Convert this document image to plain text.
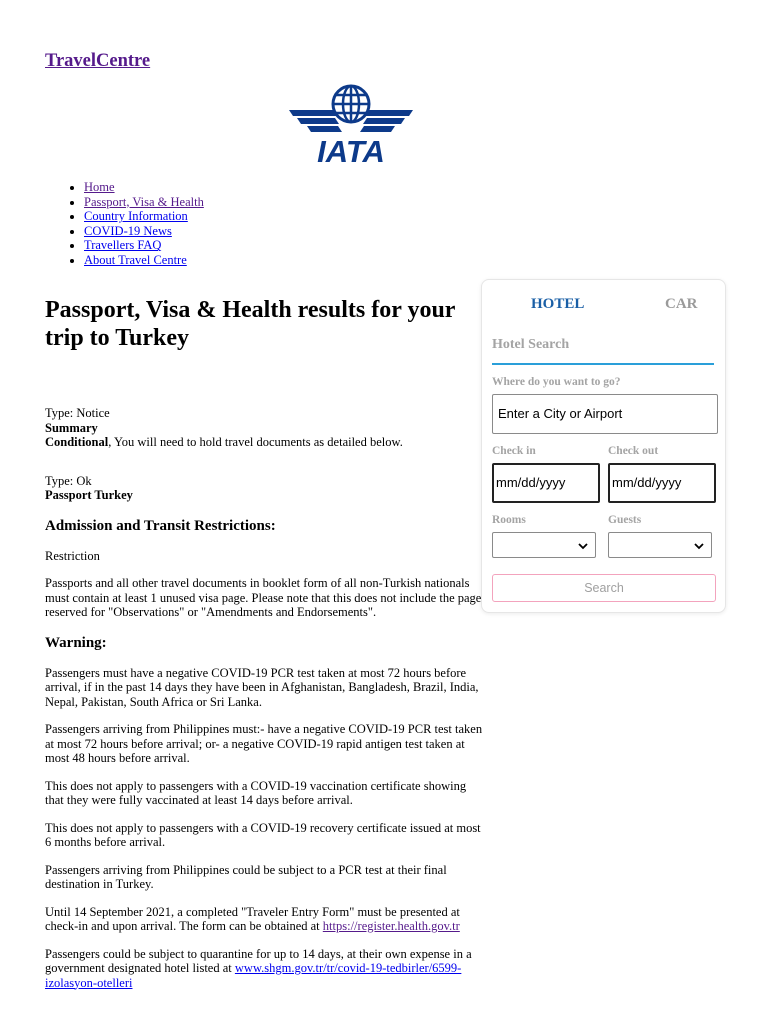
TravelCentre
IATA
• Home
• Passport, Visa & Health
• Country Information
• COVID-19 News
• Travellers FAQ
• About Travel Centre
Passport, Visa & Health results for your trip to Turkey

Type: Notice

Summary

Conditional, You will need to hold travel documents as detailed below.

Type: Ok

Passport Turkey

Admission and Transit Restrictions:

Restriction

Passports and all other travel documents in booklet form of all non-Turkish nationals must contain at least 1 unused visa page. Please note that this does not include the page reserved for "Observations" or "Amendments and Endorsements".

Warning:

Passengers must have a negative COVID-19 PCR test taken at most 72 hours before arrival, if in the past 14 days they have been in Afghanistan, Bangladesh, Brazil, India, Nepal, Pakistan, South Africa or Sri Lanka.

Passengers arriving from Philippines must:- have a negative COVID-19 PCR test taken at most 72 hours before arrival; or- a negative COVID-19 rapid antigen test taken at most 48 hours before arrival.

This does not apply to passengers with a COVID-19 vaccination certificate showing that they were fully vaccinated at least 14 days before arrival.

This does not apply to passengers with a COVID-19 recovery certificate issued at most 6 months before arrival.

Passengers arriving from Philippines could be subject to a PCR test at their final destination in Turkey.

Until 14 September 2021, a completed "Traveler Entry Form" must be presented at check-in and upon arrival. The form can be obtained at https://register.health.gov.tr

Passengers could be subject to quarantine for up to 14 days, at their own expense in a government designated hotel listed at www.shgm.gov.tr/tr/covid-19-tedbirler/6599-izolasyon-otelleri

HOTEL	CAR
Hotel Search
Where do you want to go?
Enter a City or Airport
Check in	Check out
mm/dd/yyyy	mm/dd/yyyy
Rooms	Guests
Search
